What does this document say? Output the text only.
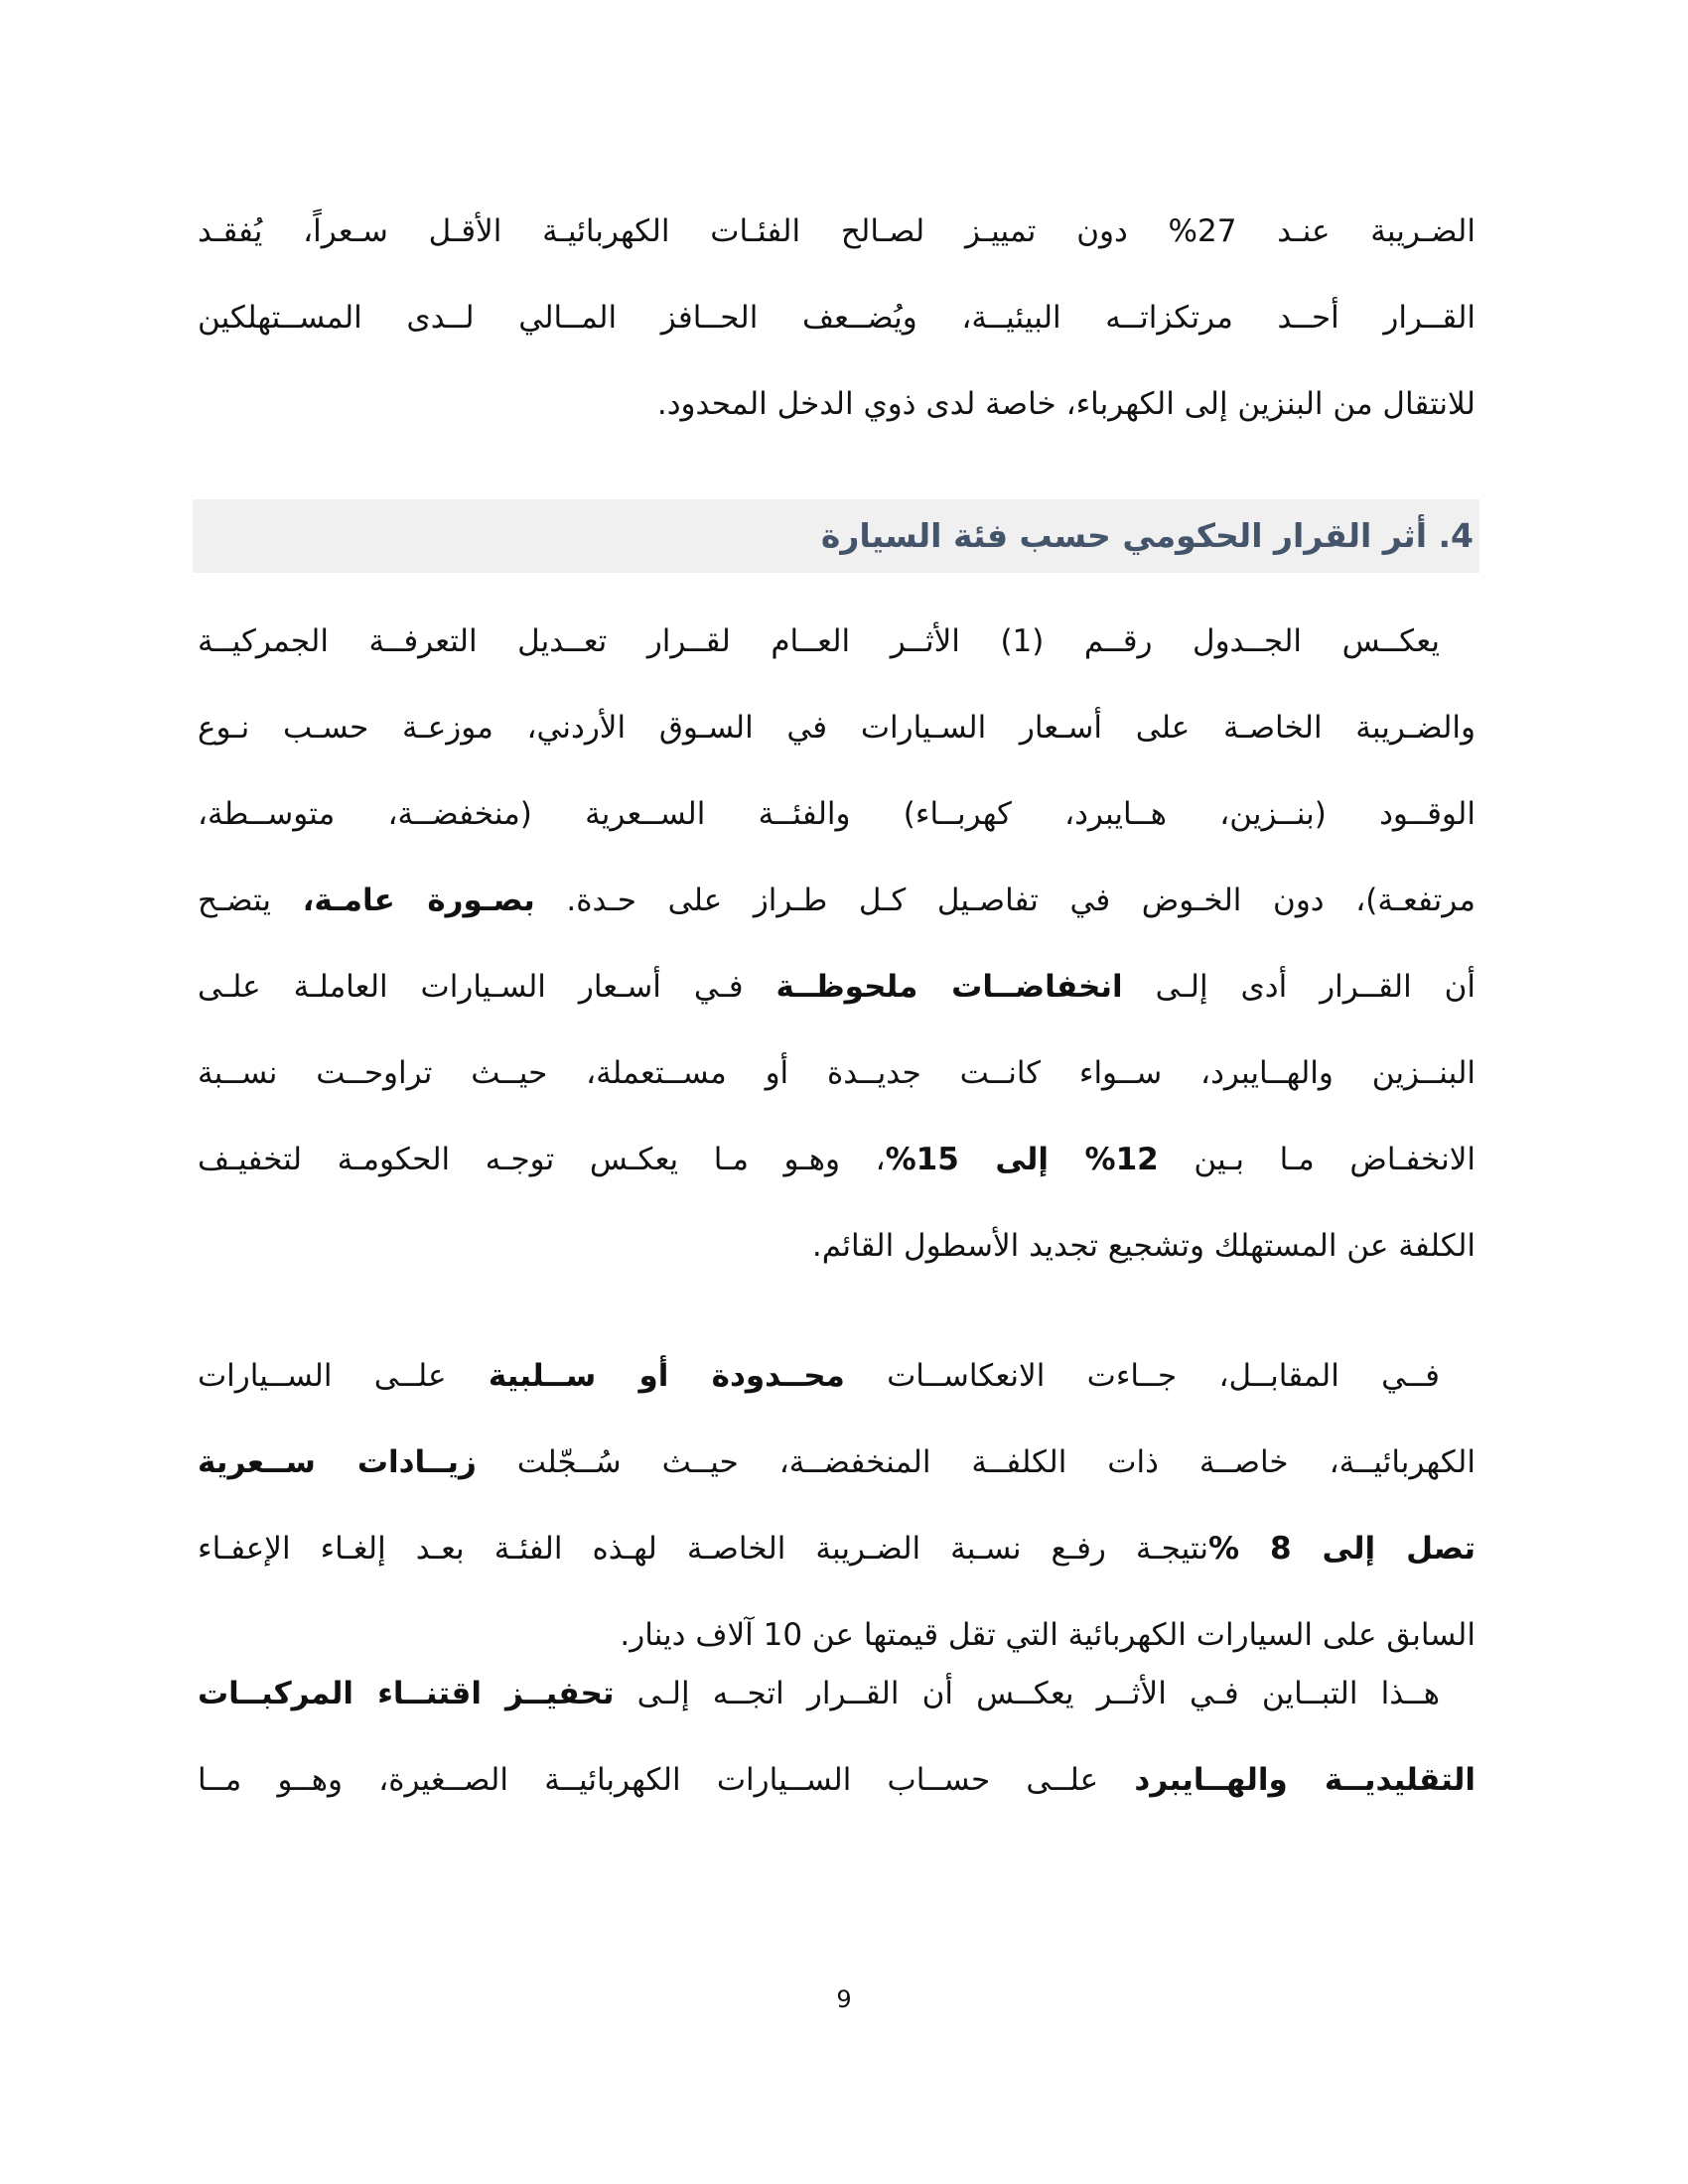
الضـريبة عنـد 27% دون تمييـز لصـالح الفئـات الكهربائيـة الأقـل سـعراً، يُفقـد
القــرار أحــد مرتكزاتــه البيئيــة، ويُضــعف الحــافز المــالي لــدى المســتهلكين
للانتقال من البنزين إلى الكهرباء، خاصة لدى ذوي الدخل المحدود.
4. أثر القرار الحكومي حسب فئة السيارة
يعكــس الجــدول رقــم (1) الأثــر العــام لقــرار تعــديل التعرفــة الجمركيــة
والضـريبة الخاصـة على أسـعار السـيارات في السـوق الأردني، موزعـة حسـب نـوع
الوقــود (بنــزين، هــايبرد، كهربــاء) والفئــة الســعرية (منخفضــة، متوســطة،
مرتفعـة)، دون الخـوض في تفاصـيل كـل طـراز على حـدة. بصـورة عامـة، يتضـح
أن القــرار أدى إلـى انخفاضــات ملحوظــة فـي أسـعار السـيارات العاملـة علـى
البنــزين والهــايبرد، ســواء كانــت جديــدة أو مســتعملة، حيــث تراوحــت نســبة
الانخفـاض مـا بـين 12% إلى 15%، وهـو مـا يعكـس توجـه الحكومـة لتخفيـف
الكلفة عن المستهلك وتشجيع تجديد الأسطول القائم.
فــي المقابــل، جــاءت الانعكاســات محــدودة أو ســلبية علــى الســيارات
الكهربائيــة، خاصــة ذات الكلفــة المنخفضــة، حيــث سُــجّلت زيــادات ســعرية
تصل إلى 8 %نتيجـة رفـع نسـبة الضـريبة الخاصـة لهـذه الفئـة بعـد إلغـاء الإعفـاء
السابق على السيارات الكهربائية التي تقل قيمتها عن 10 آلاف دينار.
هــذا التبــاين فـي الأثــر يعكــس أن القــرار اتجــه إلـى تحفيــز اقتنــاء المركبــات
التقليديــة والهــايبرد علــى حســاب الســيارات الكهربائيــة الصــغيرة، وهــو مــا
9
